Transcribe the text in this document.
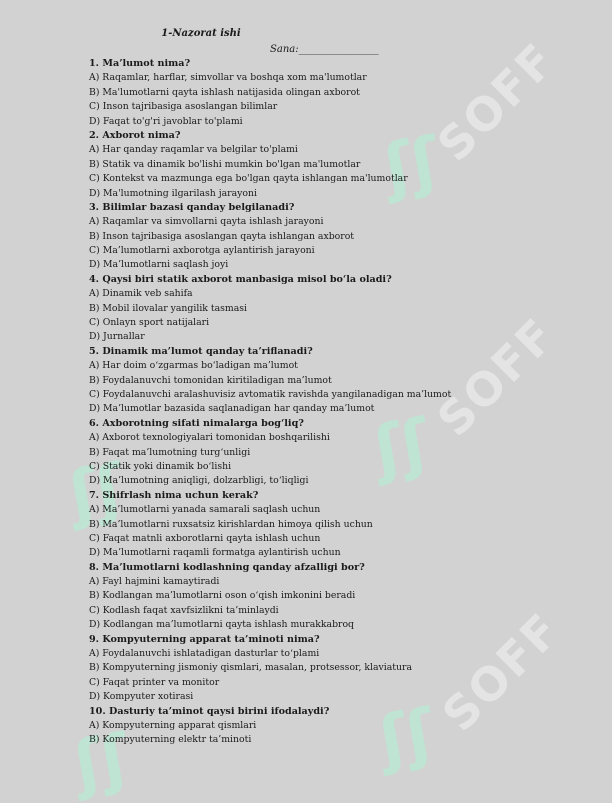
ʃʃ
SOFF
ʃʃ
SOFF
ʃʃ
ʃʃ
SOFF
ʃʃ
1-Nazorat ishi
Sana:________________
1. Ma’lumot nima?
A) Raqamlar, harflar, simvollar va boshqa xom ma'lumotlar
B) Ma'lumotlarni qayta ishlash natijasida olingan axborot
C) Inson tajribasiga asoslangan bilimlar
D) Faqat to'g'ri javoblar to'plami
2. Axborot nima?
A) Har qanday raqamlar va belgilar to'plami
B) Statik va dinamik bo'lishi mumkin bo'lgan ma'lumotlar
C) Kontekst va mazmunga ega bo'lgan qayta ishlangan ma'lumotlar
D) Ma'lumotning ilgarilash jarayoni
3. Bilimlar bazasi qanday belgilanadi?
A) Raqamlar va simvollarni qayta ishlash jarayoni
B) Inson tajribasiga asoslangan qayta ishlangan axborot
C) Ma’lumotlarni axborotga aylantirish jarayoni
D) Ma’lumotlarni saqlash joyi
4. Qaysi biri statik axborot manbasiga misol bo‘la oladi?
A) Dinamik veb sahifa
B) Mobil ilovalar yangilik tasmasi
C) Onlayn sport natijalari
D) Jurnallar
5. Dinamik ma’lumot qanday ta’riflanadi?
A) Har doim o‘zgarmas bo‘ladigan ma’lumot
B) Foydalanuvchi tomonidan kiritiladigan ma’lumot
C) Foydalanuvchi aralashuvisiz avtomatik ravishda yangilanadigan ma’lumot
D) Ma’lumotlar bazasida saqlanadigan har qanday ma’lumot
6. Axborotning sifati nimalarga bog‘liq?
A) Axborot texnologiyalari tomonidan boshqarilishi
B) Faqat ma’lumotning turg‘unligi
C) Statik yoki dinamik bo‘lishi
D) Ma’lumotning aniqligi, dolzarbligi, to‘liqligi
7. Shifrlash nima uchun kerak?
A) Ma’lumotlarni yanada samarali saqlash uchun
B) Ma’lumotlarni ruxsatsiz kirishlardan himoya qilish uchun
C) Faqat matnli axborotlarni qayta ishlash uchun
D) Ma’lumotlarni raqamli formatga aylantirish uchun
8. Ma’lumotlarni kodlashning qanday afzalligi bor?
A) Fayl hajmini kamaytiradi
B) Kodlangan ma’lumotlarni oson o‘qish imkonini beradi
C) Kodlash faqat xavfsizlikni ta’minlaydi
D) Kodlangan ma’lumotlarni qayta ishlash murakkabroq
9. Kompyuterning apparat ta’minoti nima?
A) Foydalanuvchi ishlatadigan dasturlar to‘plami
B) Kompyuterning jismoniy qismlari, masalan, protsessor, klaviatura
C) Faqat printer va monitor
D) Kompyuter xotirasi
10. Dasturiy ta’minot qaysi birini ifodalaydi?
A) Kompyuterning apparat qismlari
B) Kompyuterning elektr ta’minoti
